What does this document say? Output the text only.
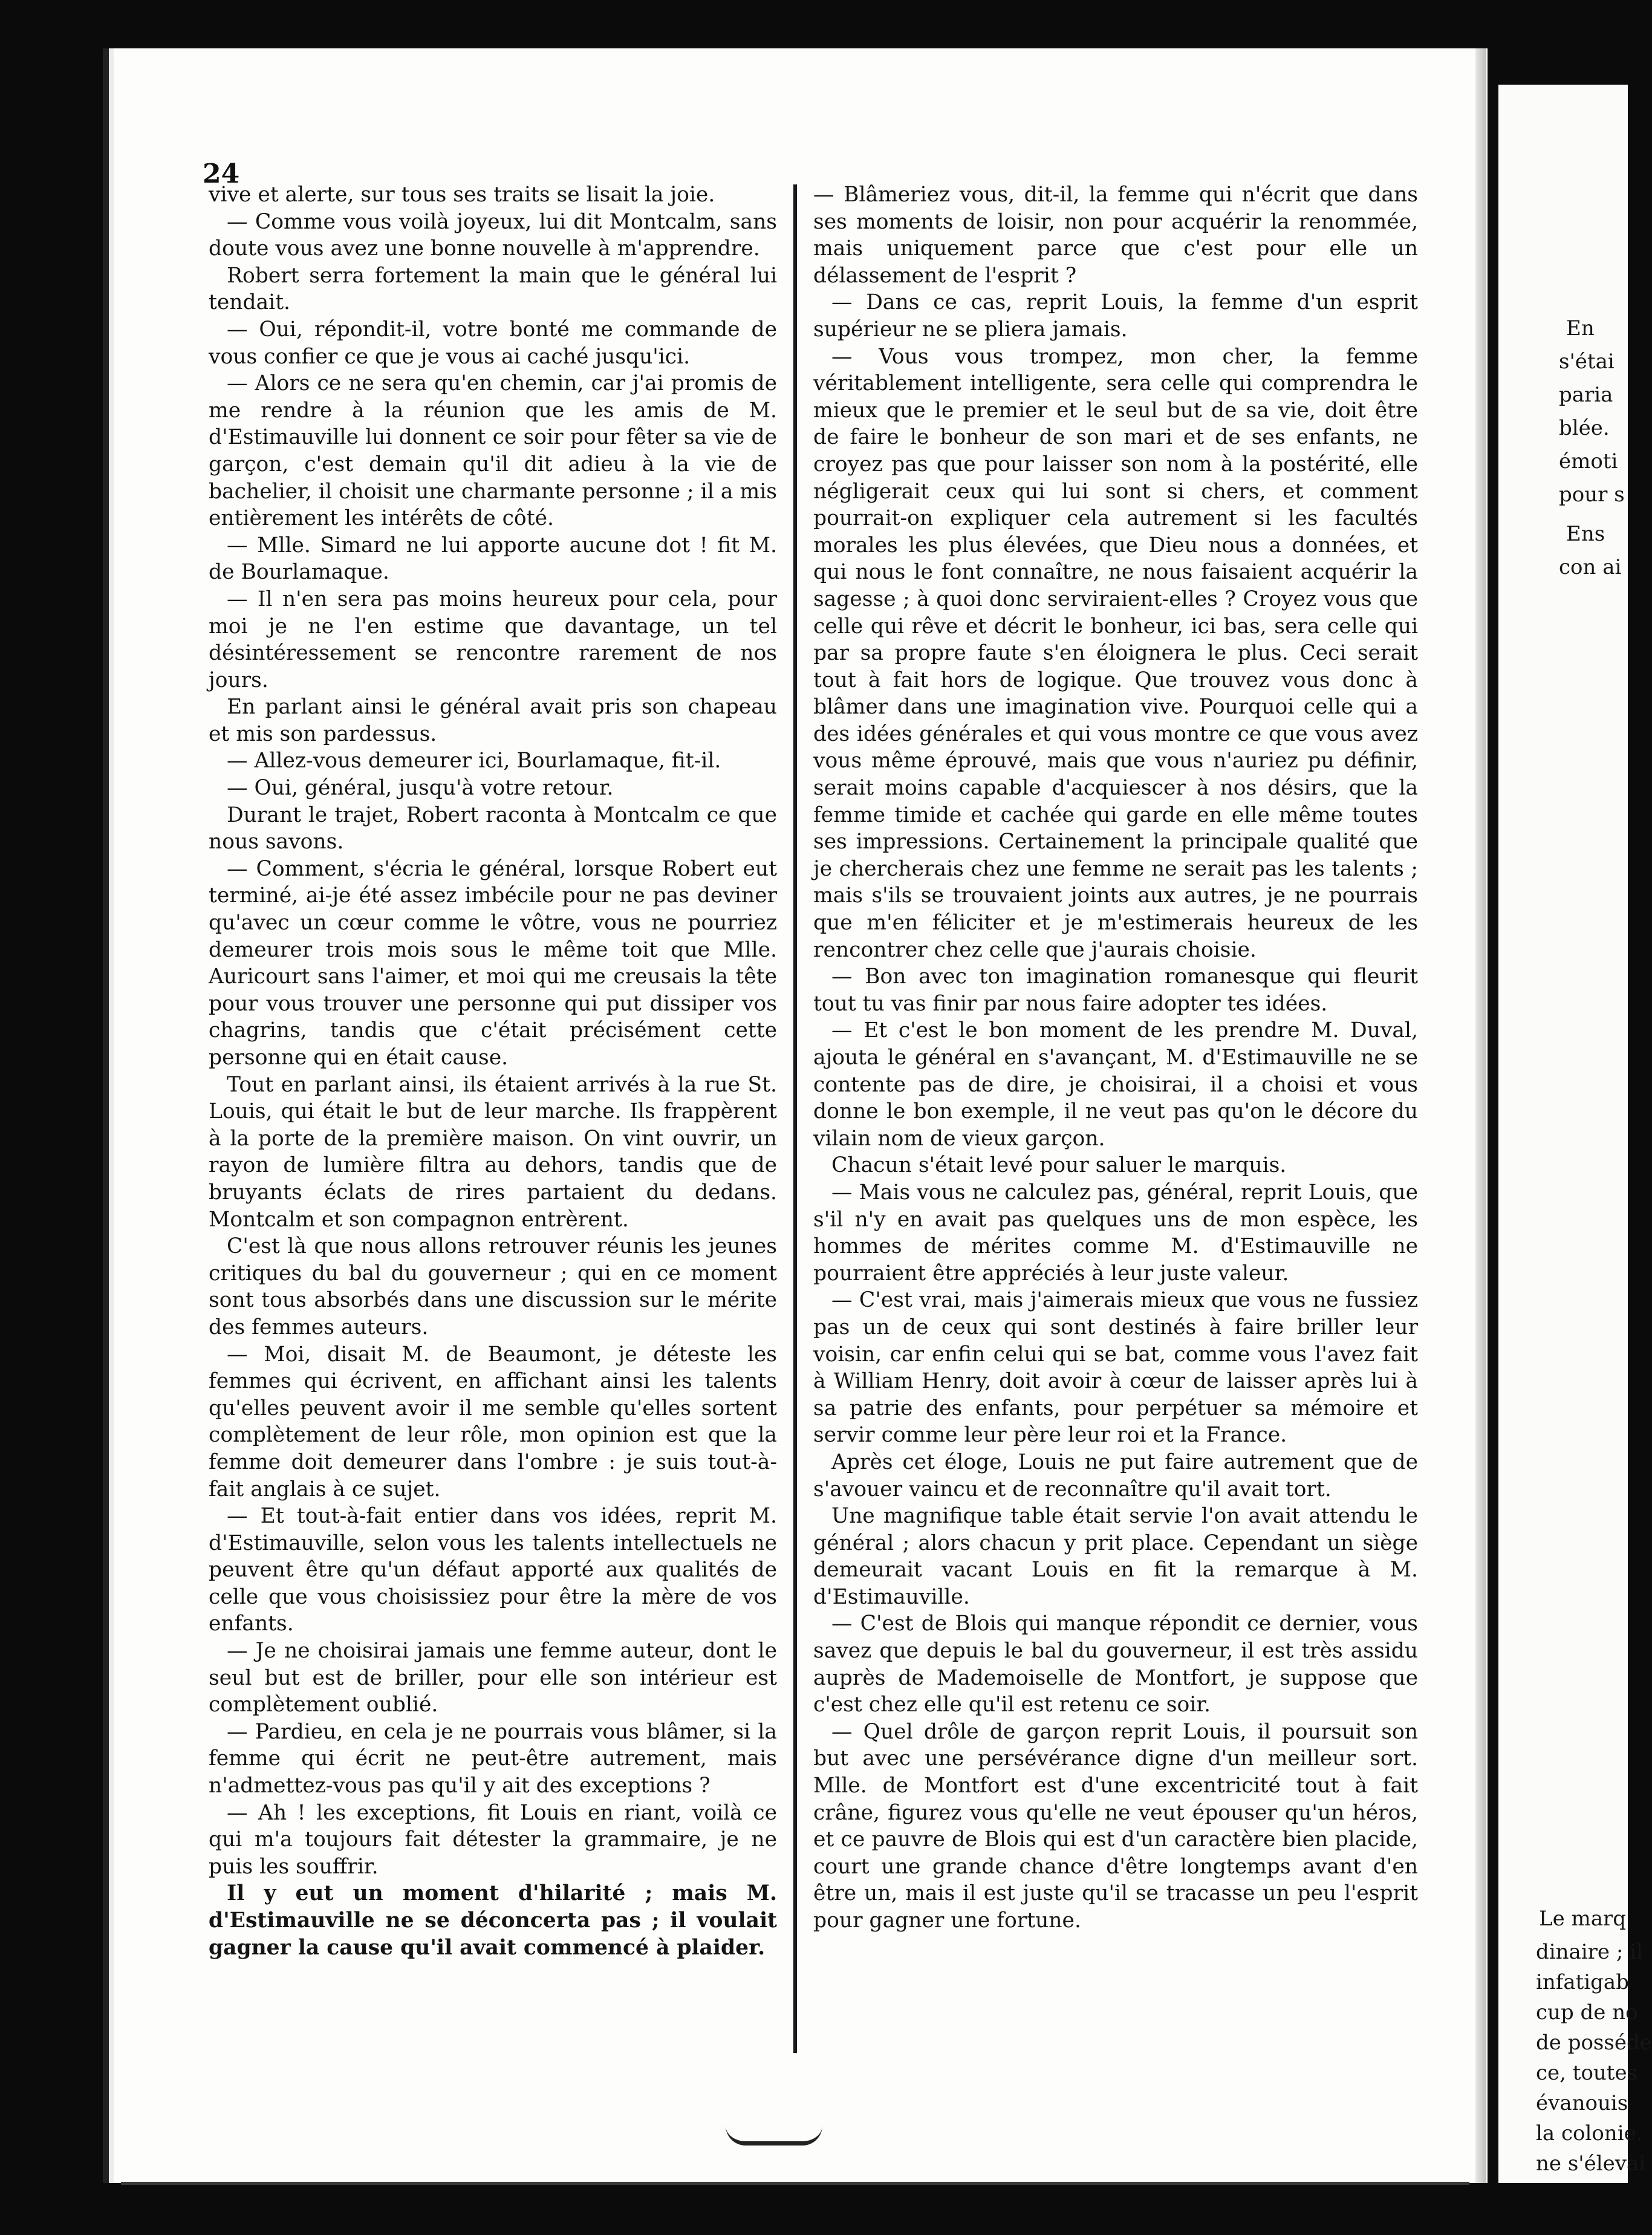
24

vive et alerte, sur tous ses traits se lisait la joie.

— Comme vous voilà joyeux, lui dit Montcalm, sans doute vous avez une bonne nouvelle à m'apprendre.

Robert serra fortement la main que le général lui tendait.

— Oui, répondit-il, votre bonté me commande de vous confier ce que je vous ai caché jusqu'ici.

— Alors ce ne sera qu'en chemin, car j'ai promis de me rendre à la réunion que les amis de M. d'Estimauville lui donnent ce soir pour fêter sa vie de garçon, c'est demain qu'il dit adieu à la vie de bachelier, il choisit une charmante personne ; il a mis entièrement les intérêts de côté.

— Mlle. Simard ne lui apporte aucune dot ! fit M. de Bourlamaque.

— Il n'en sera pas moins heureux pour cela, pour moi je ne l'en estime que davantage, un tel désintéressement se rencontre rarement de nos jours.

En parlant ainsi le général avait pris son chapeau et mis son pardessus.

— Allez-vous demeurer ici, Bourlamaque, fit-il.

— Oui, général, jusqu'à votre retour.

Durant le trajet, Robert raconta à Montcalm ce que nous savons.

— Comment, s'écria le général, lorsque Robert eut terminé, ai-je été assez imbécile pour ne pas deviner qu'avec un cœur comme le vôtre, vous ne pourriez demeurer trois mois sous le même toit que Mlle. Auricourt sans l'aimer, et moi qui me creusais la tête pour vous trouver une personne qui put dissiper vos chagrins, tandis que c'était précisément cette personne qui en était cause.

Tout en parlant ainsi, ils étaient arrivés à la rue St. Louis, qui était le but de leur marche. Ils frappèrent à la porte de la première maison. On vint ouvrir, un rayon de lumière filtra au dehors, tandis que de bruyants éclats de rires partaient du dedans. Montcalm et son compagnon entrèrent.

C'est là que nous allons retrouver réunis les jeunes critiques du bal du gouverneur ; qui en ce moment sont tous absorbés dans une discussion sur le mérite des femmes auteurs.

— Moi, disait M. de Beaumont, je déteste les femmes qui écrivent, en affichant ainsi les talents qu'elles peuvent avoir il me semble qu'elles sortent complètement de leur rôle, mon opinion est que la femme doit demeurer dans l'ombre : je suis tout-à-fait anglais à ce sujet.

— Et tout-à-fait entier dans vos idées, reprit M. d'Estimauville, selon vous les talents intellectuels ne peuvent être qu'un défaut apporté aux qualités de celle que vous choisissiez pour être la mère de vos enfants.

— Je ne choisirai jamais une femme auteur, dont le seul but est de briller, pour elle son intérieur est complètement oublié.

— Pardieu, en cela je ne pourrais vous blâmer, si la femme qui écrit ne peut-être autrement, mais n'admettez-vous pas qu'il y ait des exceptions ?

— Ah ! les exceptions, fit Louis en riant, voilà ce qui m'a toujours fait détester la grammaire, je ne puis les souffrir.

Il y eut un moment d'hilarité ; mais M. d'Estimauville ne se déconcerta pas ; il voulait gagner la cause qu'il avait commencé à plaider.

— Blâmeriez vous, dit-il, la femme qui n'écrit que dans ses moments de loisir, non pour acquérir la renommée, mais uniquement parce que c'est pour elle un délassement de l'esprit ?

— Dans ce cas, reprit Louis, la femme d'un esprit supérieur ne se pliera jamais.

— Vous vous trompez, mon cher, la femme véritablement intelligente, sera celle qui comprendra le mieux que le premier et le seul but de sa vie, doit être de faire le bonheur de son mari et de ses enfants, ne croyez pas que pour laisser son nom à la postérité, elle négligerait ceux qui lui sont si chers, et comment pourrait-on expliquer cela autrement si les facultés morales les plus élevées, que Dieu nous a données, et qui nous le font connaître, ne nous faisaient acquérir la sagesse ; à quoi donc serviraient-elles ? Croyez vous que celle qui rêve et décrit le bonheur, ici bas, sera celle qui par sa propre faute s'en éloignera le plus. Ceci serait tout à fait hors de logique. Que trouvez vous donc à blâmer dans une imagination vive. Pourquoi celle qui a des idées générales et qui vous montre ce que vous avez vous même éprouvé, mais que vous n'auriez pu définir, serait moins capable d'acquiescer à nos désirs, que la femme timide et cachée qui garde en elle même toutes ses impressions. Certainement la principale qualité que je chercherais chez une femme ne serait pas les talents ; mais s'ils se trouvaient joints aux autres, je ne pourrais que m'en féliciter et je m'estimerais heureux de les rencontrer chez celle que j'aurais choisie.

— Bon avec ton imagination romanesque qui fleurit tout tu vas finir par nous faire adopter tes idées.

— Et c'est le bon moment de les prendre M. Duval, ajouta le général en s'avançant, M. d'Estimauville ne se contente pas de dire, je choisirai, il a choisi et vous donne le bon exemple, il ne veut pas qu'on le décore du vilain nom de vieux garçon.

Chacun s'était levé pour saluer le marquis.

— Mais vous ne calculez pas, général, reprit Louis, que s'il n'y en avait pas quelques uns de mon espèce, les hommes de mérites comme M. d'Estimauville ne pourraient être appréciés à leur juste valeur.

— C'est vrai, mais j'aimerais mieux que vous ne fussiez pas un de ceux qui sont destinés à faire briller leur voisin, car enfin celui qui se bat, comme vous l'avez fait à William Henry, doit avoir à cœur de laisser après lui à sa patrie des enfants, pour perpétuer sa mémoire et servir comme leur père leur roi et la France.

Après cet éloge, Louis ne put faire autrement que de s'avouer vaincu et de reconnaître qu'il avait tort.

Une magnifique table était servie l'on avait attendu le général ; alors chacun y prit place. Cependant un siège demeurait vacant Louis en fit la remarque à M. d'Estimauville.

— C'est de Blois qui manque répondit ce dernier, vous savez que depuis le bal du gouverneur, il est très assidu auprès de Mademoiselle de Montfort, je suppose que c'est chez elle qu'il est retenu ce soir.

— Quel drôle de garçon reprit Louis, il poursuit son but avec une persévérance digne d'un meilleur sort. Mlle. de Montfort est d'une excentricité tout à fait crâne, figurez vous qu'elle ne veut épouser qu'un héros, et ce pauvre de Blois qui est d'un caractère bien placide, court une grande chance d'être longtemps avant d'en être un, mais il est juste qu'il se tracasse un peu l'esprit pour gagner une fortune.

En
s'étai
paria
blée.
émoti
pour s
Ens
con ai
Le marq
dinaire ; il
infatigab
cup de no
de posséde
ce, toutes
évanouis
la colonie.
ne s'élevai
